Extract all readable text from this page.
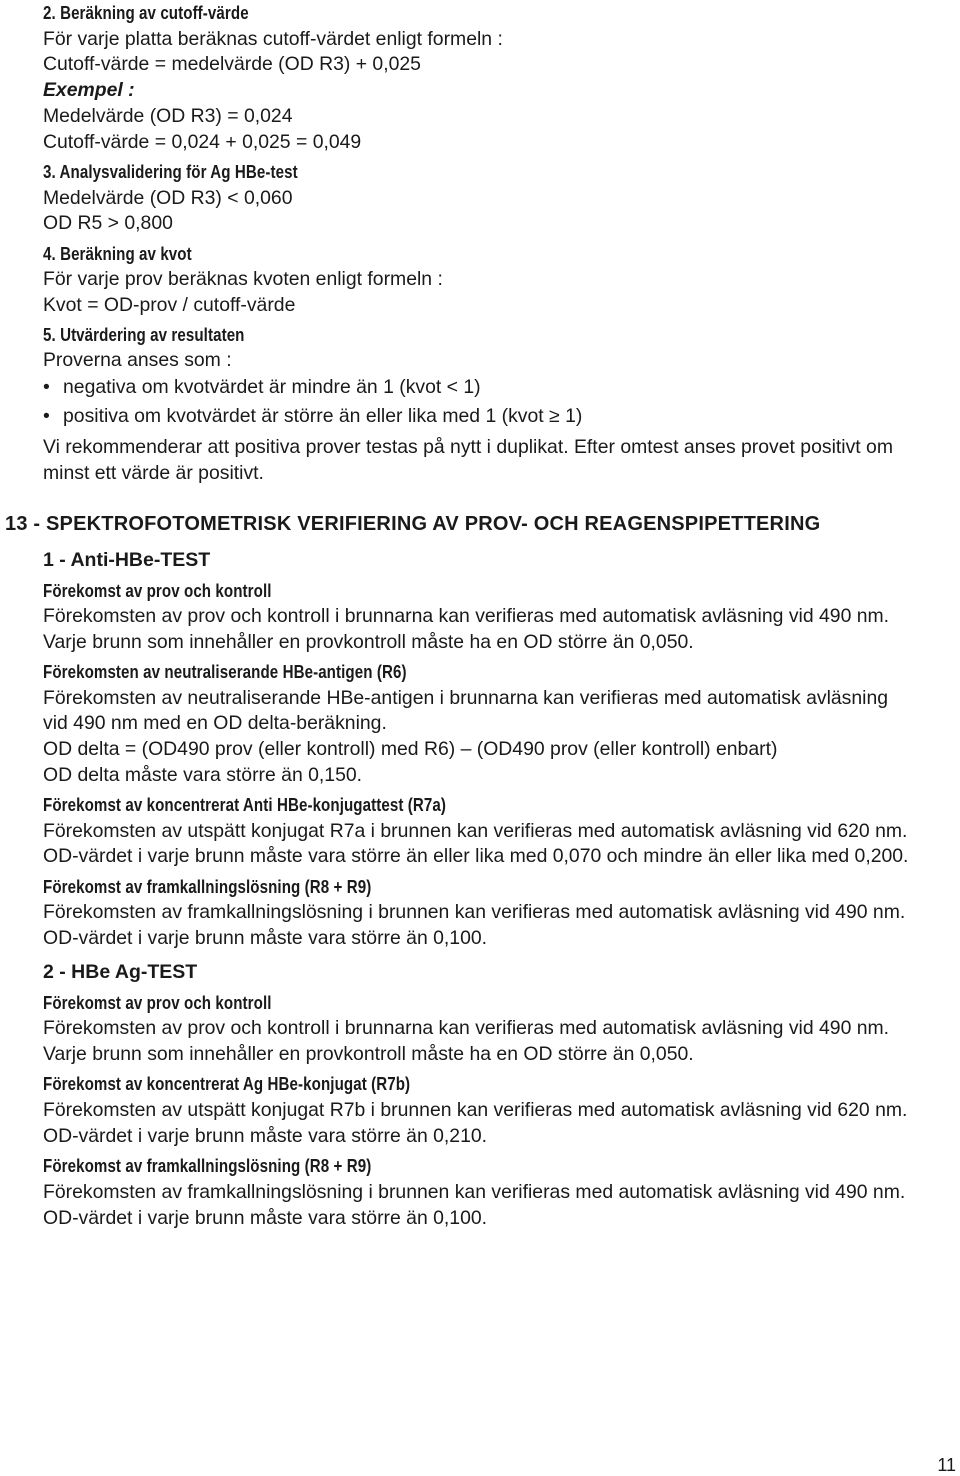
2. Beräkning av cutoff-värde
För varje platta beräknas cutoff-värdet enligt formeln :
Cutoff-värde = medelvärde (OD R3) + 0,025
Exempel :
Medelvärde (OD R3) = 0,024
Cutoff-värde = 0,024 + 0,025 = 0,049
3. Analysvalidering för Ag HBe-test
Medelvärde (OD R3) < 0,060
OD R5 > 0,800
4. Beräkning av kvot
För varje prov beräknas kvoten enligt formeln :
Kvot = OD-prov / cutoff-värde
5. Utvärdering av resultaten
Proverna anses som :
• negativa om kvotvärdet är mindre än 1 (kvot < 1)
• positiva om kvotvärdet är större än eller lika med 1 (kvot ≥ 1)
Vi rekommenderar att positiva prover testas på nytt i duplikat. Efter omtest anses provet positivt om
minst ett värde är positivt.
13 - SPEKTROFOTOMETRISK VERIFIERING AV PROV- OCH REAGENSPIPETTERING
1 - Anti-HBe-TEST
Förekomst av prov och kontroll
Förekomsten av prov och kontroll i brunnarna kan verifieras med automatisk avläsning vid 490 nm.
Varje brunn som innehåller en provkontroll måste ha en OD större än 0,050.
Förekomsten av neutraliserande HBe-antigen (R6)
Förekomsten av neutraliserande HBe-antigen i brunnarna kan verifieras med automatisk avläsning
vid 490 nm med en OD delta-beräkning.
OD delta = (OD490 prov (eller kontroll) med R6) – (OD490 prov (eller kontroll) enbart)
OD delta måste vara större än 0,150.
Förekomst av koncentrerat Anti HBe-konjugattest (R7a)
Förekomsten av utspätt konjugat R7a i brunnen kan verifieras med automatisk avläsning vid 620 nm.
OD-värdet i varje brunn måste vara större än eller lika med 0,070 och mindre än eller lika med 0,200.
Förekomst av framkallningslösning (R8 + R9)
Förekomsten av framkallningslösning i brunnen kan verifieras med automatisk avläsning vid 490 nm.
OD-värdet i varje brunn måste vara större än 0,100.
2 - HBe Ag-TEST
Förekomst av prov och kontroll
Förekomsten av prov och kontroll i brunnarna kan verifieras med automatisk avläsning vid 490 nm.
Varje brunn som innehåller en provkontroll måste ha en OD större än 0,050.
Förekomst av koncentrerat Ag HBe-konjugat (R7b)
Förekomsten av utspätt konjugat R7b i brunnen kan verifieras med automatisk avläsning vid 620 nm.
OD-värdet i varje brunn måste vara större än 0,210.
Förekomst av framkallningslösning (R8 + R9)
Förekomsten av framkallningslösning i brunnen kan verifieras med automatisk avläsning vid 490 nm.
OD-värdet i varje brunn måste vara större än 0,100.
11
